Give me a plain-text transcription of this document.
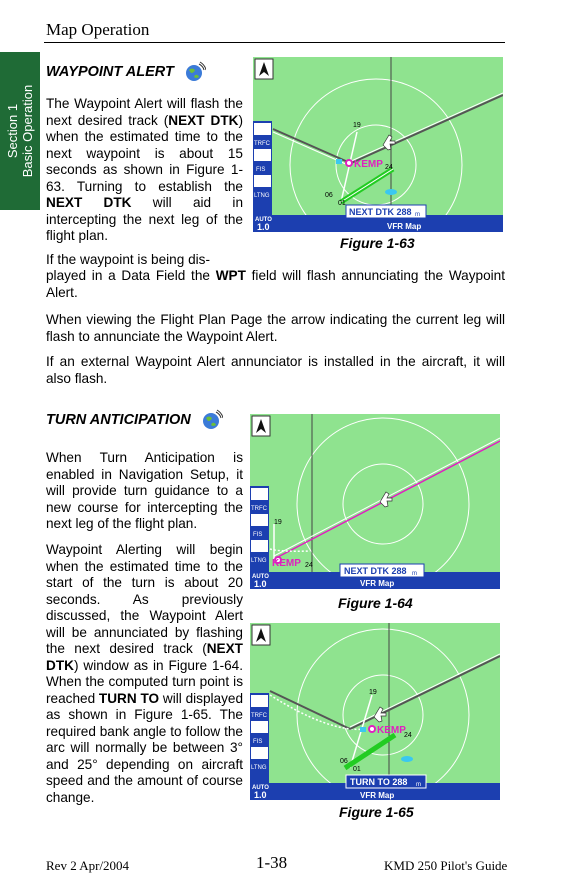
Map Operation
Section 1 Basic Operation
WAYPOINT ALERT
The Waypoint Alert will flash the next desired track (NEXT DTK) when the estimated time to the next waypoint is about 15 seconds as shown in Figure 1-63. Turning to establish the NEXT DTK will aid in intercepting the next leg of the flight plan.
KEMP
19
24
06
01
TRFC
FIS
LTNG
AUTO
1.0	VFR Map
NEXT DTK 288 m
Figure 1-63
If the waypoint is being dis-
played in a Data Field the WPT field will flash annunciating the Waypoint Alert.
When viewing the Flight Plan Page the arrow indicating the current leg will flash to annunciate the Waypoint Alert.
If an external Waypoint Alert annunciator is installed in the aircraft, it will also flash.
TURN ANTICIPATION
When Turn Anticipation is enabled in Navigation Setup, it will provide turn guidance to a new course for intercepting the next leg of the flight plan.
Waypoint Alerting will begin when the estimated time to the start of the turn is about 20 seconds. As previously discussed, the Waypoint Alert will be annunciated by flashing the next desired track (NEXT DTK) window as in Figure 1-64. When the computed turn point is reached TURN TO will displayed as shown in Figure 1-65. The required bank angle to follow the arc will normally be between 3° and 25° depending on aircraft speed and the amount of course change.
KEMP
19
24
TRFC
FIS
LTNG
AUTO
1.0	VFR Map
NEXT DTK 288 m
Figure 1-64
KEMP
19
24
06
01
TRFC
FIS
LTNG
AUTO
1.0	VFR Map
TURN TO 288 m
Figure 1-65
Rev 2 Apr/2004	1-38	KMD 250 Pilot's Guide
